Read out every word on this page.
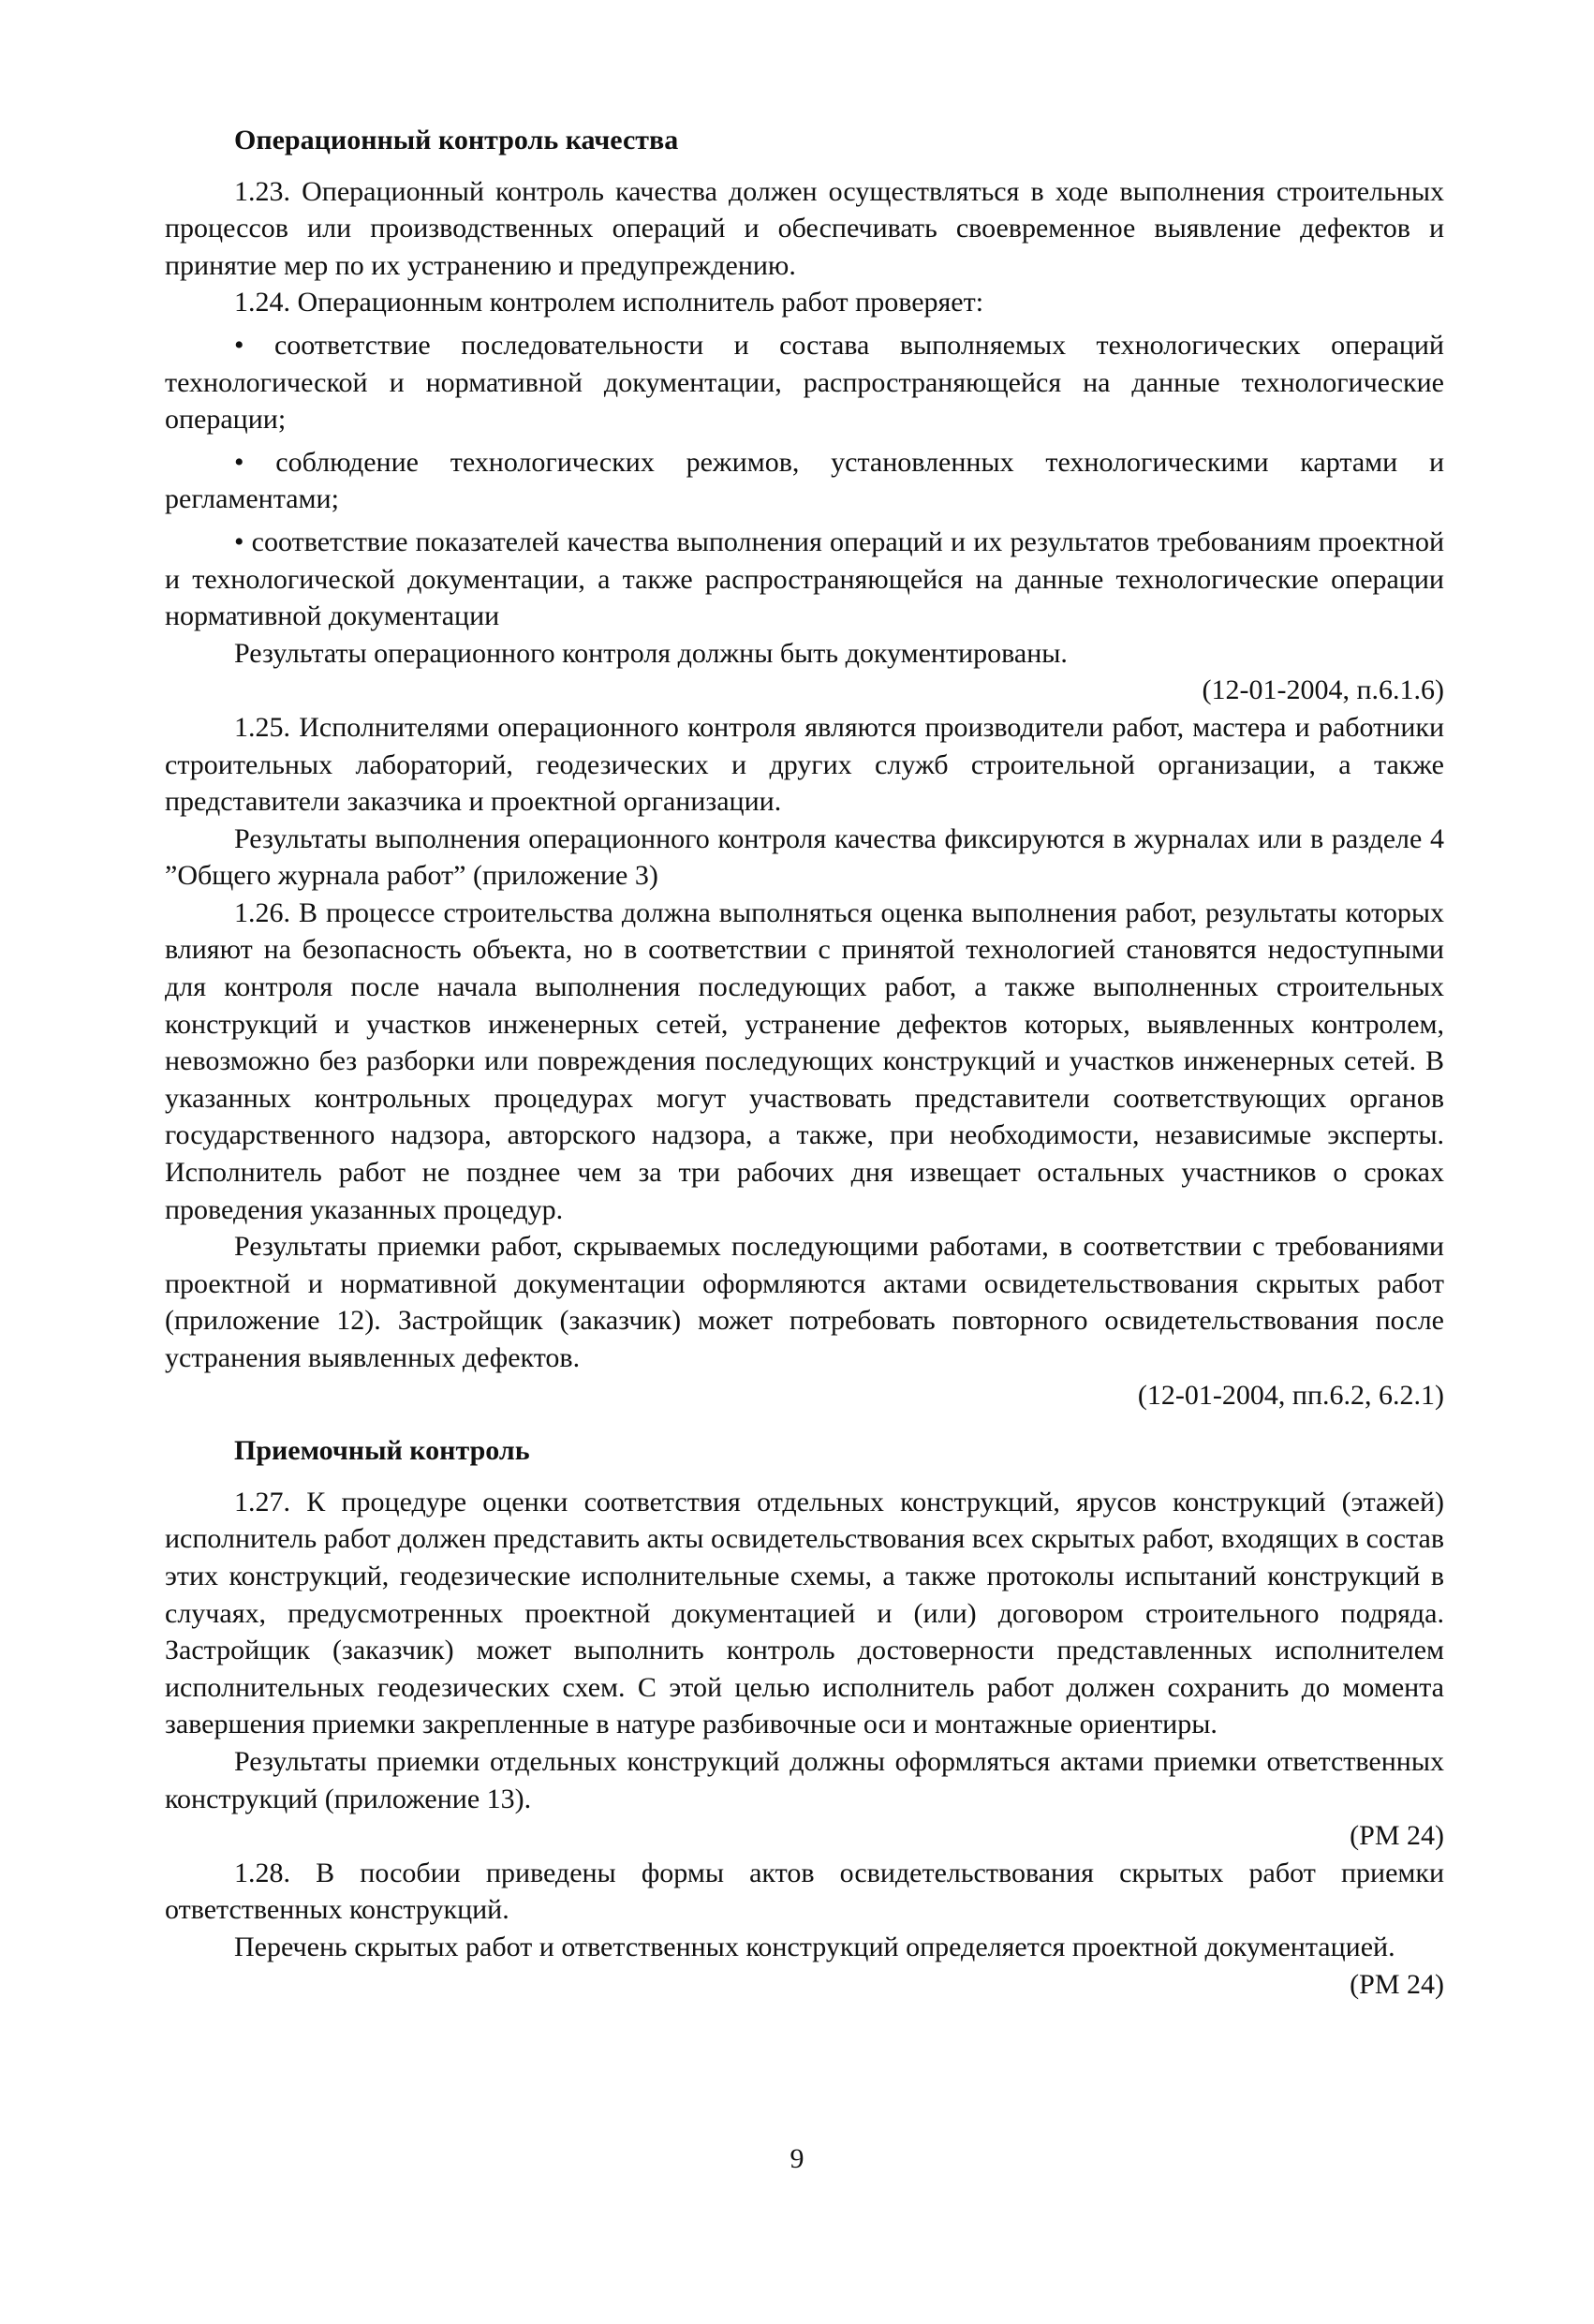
Операционный контроль качества

1.23. Операционный контроль качества должен осуществляться в ходе выполнения строительных процессов или производственных операций и обеспечивать своевременное выявление дефектов и принятие мер по их устранению и предупреждению.

1.24. Операционным контролем исполнитель работ проверяет:

• соответствие последовательности и состава выполняемых технологических операций технологической и нормативной документации, распространяющейся на данные технологические операции;

• соблюдение технологических режимов, установленных технологическими картами и регламентами;

• соответствие показателей качества выполнения операций и их результатов требованиям проектной и технологической документации, а также распространяющейся на данные технологические операции нормативной документации

Результаты операционного контроля должны быть документированы.

(12-01-2004, п.6.1.6)

1.25. Исполнителями операционного контроля являются производители работ, мастера и работники строительных лабораторий, геодезических и других служб строительной организации, а также представители заказчика и проектной организации.

Результаты выполнения операционного контроля качества фиксируются в журналах или в разделе 4 ”Общего журнала работ” (приложение 3)

1.26. В процессе строительства должна выполняться оценка выполнения работ, результаты которых влияют на безопасность объекта, но в соответствии с принятой технологией становятся недоступными для контроля после начала выполнения последующих работ, а также выполненных строительных конструкций и участков инженерных сетей, устранение дефектов которых, выявленных контролем, невозможно без разборки или повреждения последующих конструкций и участков инженерных сетей. В указанных контрольных процедурах могут участвовать представители соответствующих органов государственного надзора, авторского надзора, а также, при необходимости, независимые эксперты. Исполнитель работ не позднее чем за три рабочих дня извещает остальных участников о сроках проведения указанных процедур.

Результаты приемки работ, скрываемых последующими работами, в соответствии с требованиями проектной и нормативной документации оформляются актами освидетельствования скрытых работ (приложение 12). Застройщик (заказчик) может потребовать повторного освидетельствования после устранения выявленных дефектов.

(12-01-2004, пп.6.2, 6.2.1)
Приемочный контроль

1.27. К процедуре оценки соответствия отдельных конструкций, ярусов конструкций (этажей) исполнитель работ должен представить акты освидетельствования всех скрытых работ, входящих в состав этих конструкций, геодезические исполнительные схемы, а также протоколы испытаний конструкций в случаях, предусмотренных проектной документацией и (или) договором строительного подряда. Застройщик (заказчик) может выполнить контроль достоверности представленных исполнителем исполнительных геодезических схем. С этой целью исполнитель работ должен сохранить до момента завершения приемки закрепленные в натуре разбивочные оси и монтажные ориентиры.

Результаты приемки отдельных конструкций должны оформляться актами приемки ответственных конструкций (приложение 13).

(РМ 24)

1.28. В пособии приведены формы актов освидетельствования скрытых работ приемки ответственных конструкций.

Перечень скрытых работ и ответственных конструкций определяется проектной документацией.

(РМ 24)
9
